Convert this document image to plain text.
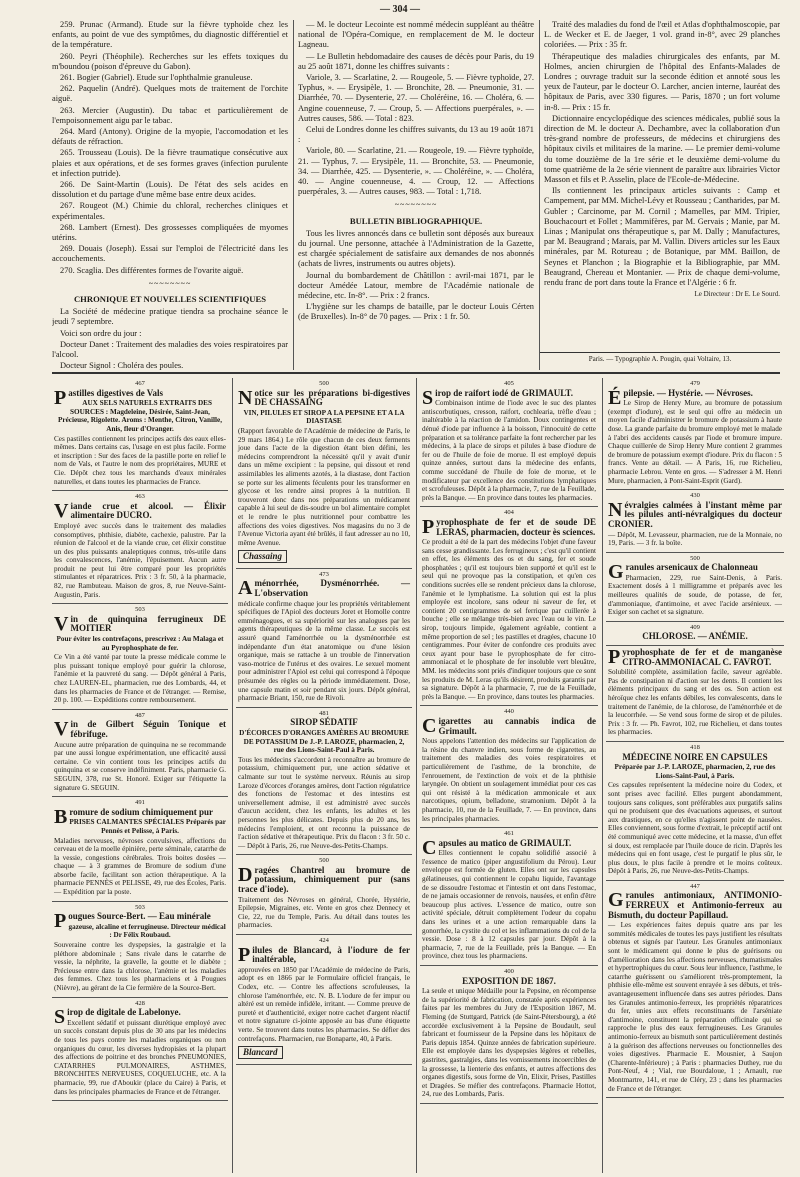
— 304 —

259. Prunac (Armand). Etude sur la fièvre typhoïde chez les enfants, au point de vue des symptômes, du diagnostic différentiel et de la température.

260. Peyri (Théophile). Recherches sur les effets toxiques du m'boundou (poison d'épreuve du Gabon).

261. Bogier (Gabriel). Etude sur l'ophthalmie granuleuse.

262. Paquelin (André). Quelques mots de traitement de l'orchite aiguë.

263. Mercier (Augustin). Du tabac et particulièrement de l'empoisonnement aigu par le tabac.

264. Mard (Antony). Origine de la myopie, l'accomodation et les défauts de réfraction.

265. Trousseau (Louis). De la fièvre traumatique consécutive aux plaies et aux opérations, et de ses formes graves (infection purulente et infection putride).

266. De Saint-Martin (Louis). De l'état des sels acides en dissolution et du partage d'une même base entre deux acides.

267. Rougeot (M.) Chimie du chloral, recherches cliniques et expérimentales.

268. Lambert (Ernest). Des grossesses compliquées de myomes utérins.

269. Douais (Joseph). Essai sur l'emploi de l'électricité dans les accouchements.

270. Scaglia. Des différentes formes de l'ovarite aiguë.

~~~~~~~~

CHRONIQUE ET NOUVELLES SCIENTIFIQUES

La Société de médecine pratique tiendra sa prochaine séance le jeudi 7 septembre.

Voici son ordre du jour :

Docteur Danet : Traitement des maladies des voies respiratoires par l'alcool.

Docteur Signol : Choléra des poules.

— M. le docteur Lecointe est nommé médecin suppléant au théâtre national de l'Opéra-Comique, en remplacement de M. le docteur Lagneau.

— Le Bulletin hebdomadaire des causes de décès pour Paris, du 19 au 25 août 1871, donne les chiffres suivants :

Variole, 3. — Scarlatine, 2. — Rougeole, 5. — Fièvre typhoïde, 27. Typhus, ». — Erysipèle, 1. — Bronchite, 28. — Pneumonie, 31. — Diarrhée, 70. — Dysenterie, 27. — Choléréine, 16. — Choléra, 6. — Angine couenneuse, 7. — Croup, 5. — Affections puerpérales, ». — Autres causes, 586. — Total : 823.

Celui de Londres donne les chiffres suivants, du 13 au 19 août 1871 :

Variole, 80. — Scarlatine, 21. — Rougeole, 19. — Fièvre typhoïde, 21. — Typhus, 7. — Erysipèle, 11. — Bronchite, 53. — Pneumonie, 34. — Diarrhée, 425. — Dysenterie, ». — Choléréine, ». — Choléra, 40. — Angine couenneuse, 4. — Croup, 12. — Affections puerpérales, 3. — Autres causes, 983. — Total : 1,718.

~~~~~~~~

BULLETIN BIBLIOGRAPHIQUE.

Tous les livres annoncés dans ce bulletin sont déposés aux bureaux du journal. Une personne, attachée à l'Administration de la Gazette, est chargée spécialement de satisfaire aux demandes de nos abonnés (achats de livres, instruments ou autres objets).

Journal du bombardement de Châtillon : avril-mai 1871, par le docteur Amédée Latour, membre de l'Académie nationale de médecine, etc. In-8°. — Prix : 2 francs.

L'hygiène sur les champs de bataille, par le docteur Louis Cérten (de Bruxelles). In-8° de 70 pages. — Prix : 1 fr. 50.

Traité des maladies du fond de l'œil et Atlas d'ophthalmoscopie, par L. de Wecker et E. de Jaeger, 1 vol. grand in-8°, avec 29 planches coloriées. — Prix : 35 fr.

Thérapeutique des maladies chirurgicales des enfants, par M. Holmes, ancien chirurgien de l'hôpital des Enfants-Malades de Londres ; ouvrage traduit sur la seconde édition et annoté sous les yeux de l'auteur, par le docteur O. Larcher, ancien interne, lauréat des hôpitaux de Paris, avec 330 figures. — Paris, 1870 ; un fort volume in-8. — Prix : 15 fr.

Dictionnaire encyclopédique des sciences médicales, publié sous la direction de M. le docteur A. Dechambre, avec la collaboration d'un très-grand nombre de professeurs, de médecins et chirurgiens des hôpitaux civils et militaires de la marine. — Le premier demi-volume du tome douzième de la 1re série et le deuxième demi-volume du tome quatrième de la 2e série viennent de paraître aux librairies Victor Masson et fils et P. Asselin, place de l'Ecole-de-Médecine.

Ils contiennent les principaux articles suivants : Camp et Campement, par MM. Michel-Lévy et Rousseau ; Cantharides, par M. Gubler ; Carcinome, par M. Cornil ; Mamelles, par MM. Tripier, Bouchacourt et Follet ; Mammifères, par M. Gervais ; Manie, par M. Linas ; Manipulat ons thérapeutique s, par M. Dally ; Manufactures, par M. Beaugrand ; Marais, par M. Vallin. Divers articles sur les Eaux minérales, par M. Rotureau ; de Botanique, par MM. Baillon, de Seynes et Planchon ; la Biographie et la Bibliographie, par MM. Beaugrand, Chereau et Montanier. — Prix de chaque demi-volume, rendu franc de port dans toute la France et l'Algérie : 6 fr.

Le Directeur : Dr E. Le Sourd.
Paris. — Typographie A. Pougin, quai Voltaire, 13.
467
Pastilles digestives de Vals

AUX SELS NATURELS EXTRAITS DES SOURCES : Magdeleine, Désirée, Saint-Jean, Précieuse, Rigolette. Aroms : Menthe, Citron, Vanille, Anis, fleur d'Oranger.

Ces pastilles contiennent les principes actifs des eaux elles-mêmes. Dans certains cas, l'usage en est plus facile. Forme et inscription : Sur des faces de la pastille porte en relief le nom de Vals, et l'autre le nom des propriétaires, MURE et Cie. Dépôt chez tous les marchands d'eaux minérales naturelles, et dans toutes les pharmacies de France.

463
Viande crue et alcool. — Élixir alimentaire DUCRO.

Employé avec succès dans le traitement des maladies consomptives, phthisie, diabète, cachexie, palustre. Par la réunion de l'alcool et de la viande crue, cet élixir constitue un des plus puissants analeptiques connus, très-utile dans les convalescences, l'anémie, l'épuisement. Aucun autre produit ne peut lui être comparé pour les propriétés stimulantes et réparatrices. Prix : 3 fr. 50, à la pharmacie, 82, rue Rambuteau. Maison de gros, 8, rue Neuve-Saint-Augustin, Paris.

503
Vin de quinquina ferrugineux DE MOITIER

Pour éviter les contrefaçons, prescrivez : Au Malaga et au Pyrophosphate de fer.

Ce Vin a été vanté par toute la presse médicale comme le plus puissant tonique employé pour guérir la chlorose, l'anémie et la pauvreté du sang. — Dépôt général à Paris, chez LAUREN-EL, pharmacien, rue des Lombards, 44, et dans les pharmacies de France et de l'étranger. — Remise, 20 p. 100. — Expéditions contre remboursement.

487
Vin de Gilbert Séguin Tonique et fébrifuge.

Aucune autre préparation de quinquina ne se recommande par une aussi longue expérimentation, une efficacité aussi certaine. Ce vin contient tous les principes actifs du quinquina et se conserve indéfiniment. Paris, pharmacie G. SEGUIN, 378, rue St. Honoré. Exiger sur l'étiquette la signature G. SEGUIN.

491
Bromure de sodium chimiquement pur

PRISES CALMANTES SPÉCIALES Préparés par Pennès et Pelisse, à Paris.

Maladies nerveuses, névroses convulsives, affections du cerveau et de la moelle épinière, perte séminale, catarrhe de la vessie, congestions cérébrales. Trois boites dosées — chaque — à 3 grammes de Bromure de sodium d'une absorbe facile, facilitant son action thérapeutique. A la pharmacie PENNÈS et PELISSE, 49, rue des Écoles, Paris. — Expédition par la poste.

503
Pougues Source-Bert. — Eau minérale

gazeuse, alcaline et ferrugineuse. Directeur médical : Dr Félix Roubaud.

Souveraine contre les dyspepsies, la gastralgie et la pléthore abdominale ; Sans rivale dans le catarrhe de vessie, la néphrite, la gravelle, la goutte et le diabète ; Précieuse entre dans la chlorose, l'anémie et les maladies des femmes. Chez tous les pharmaciens et à Pougues (Nièvre), au gérant de la Cie fermière de la Source-Bert.

428
Sirop de digitale de Labelonye.

Excellent sédatif et puissant diurétique employé avec un succès constant depuis plus de 30 ans par les médecins de tous les pays contre les maladies organiques ou non organiques du cœur, les diverses hydropisies et la plupart des affections de poitrine et des bronches PNEUMONIES, CATARRHES PULMONAIRES, ASTHMES, BRONCHITES NERVEUSES, COQUELUCHE, etc. A la pharmacie, 99, rue d'Aboukir (place du Caire) à Paris, et dans les principales pharmacies de France et de l'étranger.

500
Notice sur les préparations bi-digestives DE CHASSAING

VIN, PILULES ET SIROP A LA PEPSINE ET A LA DIASTASE

(Rapport favorable de l'Académie de médecine de Paris, le 29 mars 1864.) Le rôle que chacun de ces deux ferments joue dans l'acte de la digestion étant bien défini, les médecins comprendront la nécessité qu'il y avait d'unir dans un même excipient : la pepsine, qui dissout et rend assimilables les aliments azotés, à la diastase, dont l'action se porte sur les aliments féculents pour les transformer en glycose et les rendre ainsi propres à la nutrition. Il trouveront donc dans nos préparations un médicament capable à lui seul de dis-soudre un bol alimentaire complet et le rendre le plus nutritionnel pour combattre les affections des voies digestives. Nos magasins du no 3 de l'Avenue Victoria ayant été brûlés, il faut adresser au no 10, même Avenue.

Chassaing
473
Aménorrhée, Dysménorrhée. — L'observation

médicale confirme chaque jour les propriétés véritablement spécifiques de l'Apiol des docteurs Joret et Homolle contre emménagogues, et sa supériorité sur les analogues par les agents thérapeutiques de la même classe. Le succès est assuré quand l'aménorrhée ou la dysménorrhée est indépendante d'un état anatomique ou d'une lésion organique, mais se rattache à un trouble de l'innervation vaso-motrice de l'utérus et des ovaires. Le sexuel moment pour administrer l'Apiol est celui qui correspond à l'époque présumée des règles ou la période immédiatement. Dose, une capsule matin et soir pendant six jours. Dépôt général, pharmacie Briant, 150, rue de Rivoli.

481
SIROP SÉDATIF

D'ÉCORCES D'ORANGES AMÈRES AU BROMURE DE POTASSIUM De J.-P. LAROZE, pharmacien, 2, rue des Lions-Saint-Paul à Paris.

Tous les médecins s'accordent à reconnaître au bromure de potassium, chimiquement pur, une action sédative et calmante sur tout le système nerveux. Réunis au sirop Laroze d'écorces d'oranges amères, dont l'action régulatrice des fonctions de l'estomac et des intestins est universellement admise, il est administré avec succès d'aucun accident, chez les enfants, les adultes et les personnes les plus délicates. Depuis plus de 20 ans, les médecins l'emploient, et ont reconnu la puissance de l'action sédative et thérapeutique. Prix du flacon : 3 fr. 50 c. — Dépôt à Paris, 26, rue Neuve-des-Petits-Champs.

500
Dragées Chantrel au bromure de potassium, chimiquement pur (sans trace d'iode).

Traitement des Névroses en général, Chorée, Hystérie, Epilepsie, Migraines, etc. Vente en gros chez Dennecy et Cie, 22, rue du Temple, Paris. Au détail dans toutes les pharmacies.

424
Pilules de Blancard, à l'iodure de fer inaltérable,

approuvées en 1850 par l'Académie de médecine de Paris, adopt es en 1866 par le Formulaire officiel français, le Codex, etc. — Contre les affections scrofuleuses, la chlorose l'aménorrhée, etc. N. B. L'iodure de fer impur ou altéré est un remède infidèle, irritant. — Comme preuve de pureté et d'authenticité, exiger notre cachet d'argent réactif et notre signature ci-jointe apposée au bas d'une étiquette verte. Se trouvent dans toutes les pharmacies. Se défier des contrefaçons. Pharmacien, rue Bonaparte, 40, à Paris.

Blancard
405
Sirop de raifort iodé de GRIMAULT.

Combinaison intime de l'iode avec le suc des plantes antiscorbutiques, cresson, raifort, cochlearia, trèfle d'eau ; inaltérable à la réaction de l'amidon. Doux contingentes et dénué d'iode par influence à la boisson, l'innocuité de cette préparation et sa tolérance parfaite la font rechercher par les médecins, à la place de sirops et pilules à base d'iodure de fer ou de l'huile de foie de morue. Il est employé depuis quinze années, surtout dans la médecine des enfants, comme succédané de l'huile de foie de morue, et le modificateur par excellence des constitutions lymphatiques et scrofuleuses. Dépôt à la pharmacie, 7, rue de la Feuillade, près la Banque. — En province dans toutes les pharmacies.

404
Pyrophosphate de fer et de soude DE LERAS, pharmacien, docteur ès sciences.

Ce produit a été de la part des médecins l'objet d'une faveur sans cesse grandissante. Les ferrugineux ; c'est qu'il contient en effet, les éléments des os et du sang, fer et soude phosphatées ; qu'il est toujours bien supporté et qu'il est le seul qui ne provoque pas la constipation, et qu'en ces conditions sucrées elle se rendent précieux dans la chlorose, l'anémie et le lymphatisme. La solution qui est la plus employée est incolore, sans odeur ni saveur de fer, et contient 20 centigrammes de sel ferrique par cuillerée à bouche ; elle se mélange très-bien avec l'eau ou le vin. Le sirop, toujours limpide, également agréable, contient a même proportion de sel ; les pastilles et dragées, chacune 10 centigrammes. Pour éviter de confondre ces produits avec ceux ayant pour base le pyrophosphate de fer citro-ammoniacal et le phosphate de fer insoluble vert bleuâtre, MM. les médecins sont priés d'indiquer toujours que ce sont les produits de M. Leras qu'ils désirent, produits garantis par sa signature. Dépôt à la pharmacie, 7, rue de la Feuillade, près la Banque. — En province, dans toutes les pharmacies.

440
Cigarettes au cannabis indica de Grimault.

Nous appelons l'attention des médecins sur l'application de la résine du chanvre indien, sous forme de cigarettes, au traitement des maladies des voies respiratoires et particulièrement de l'asthme, de la bronchite, de l'enrouement, de l'extinction de voix et de la phthisie laryngée. On obtient un soulagement immédiat pour ces cas qui ont résisté à la médication ammonicale et aux narcotiques, opium, belladone, stramonium. Dépôt à la pharmacie, 10, rue de la Feuillade, 7. — En province, dans les principales pharmacies.

461
Capsules au matico de GRIMAULT.

Elles contiennent le copahu solidifié associé à l'essence de matico (piper angustifolium du Pérou). Leur enveloppe est formée de gluten. Elles ont sur les capsules gélatineuses, qui contiennent le copahu liquide, l'avantage de se dissoudre l'estomac et l'intestin et ont dans l'estomac, de ne jamais occasionner de renvois, nausées, et enfin d'être beaucoup plus actives. L'essence de matico, outre son activité spéciale, détruit complètement l'odeur du copahu dans les urines et a une action remarquable dans la gonorrhée, la cystite du col et les inflammations du col de la vessie. Dose : 8 à 12 capsules par jour. Dépôt à la pharmacie, 7, rue de la Feuillade, près la Banque. — En province, chez tous les pharmaciens.

400
EXPOSITION DE 1867.

La seule et unique Médaille pour la Pepsine, en récompense de la supériorité de fabrication, constatée après expériences faites par les membres du Jury de l'Exposition 1867, M. Fleming (de Stuttgard, Patrick (de Saint-Pétersbourg), a été accordée exclusivement à la Pepsine de Boudault, seul fabricant et fournisseur de la Pepsine dans les hôpitaux de Paris depuis 1854. Quinze années de fabrication supérieure. Elle est employée dans les dyspepsies légères et rebelles, gastrites, gastralgies, dans les vomissements incoercibles de la grossesse, la lienterie des enfants, et autres affections des organes digestifs, sous forme de Vin, Elixir, Prises, Pastilles et Dragées. Se méfier des contrefaçons. Pharmacie Hottot, 24, rue des Lombards, Paris.

479
Épilepsie. — Hystérie. — Névroses.

Le Sirop de Henry Mure, au bromure de potassium (exempt d'iodure), est le seul qui offre au médecin un moyen facile d'administrer le bromure de potassium à haute dose. La grande parfaite du bromure employé met le malade à l'abri des accidents causés par l'iode et bromure impure. Chaque cuillerée de Sirop Henry Mure contient 2 grammes de bromure de potassium exempt d'iodure. Prix du flacon : 5 francs. Vente au détail. — A Paris, 16, rue Richelieu, pharmacie Lebrou. Vente en gros. — S'adresser à M. Henri Mure, pharmacien, à Pont-Saint-Esprit (Gard).

430
Névralgies calmées à l'instant même par les pilules anti-névralgiques du docteur CRONIER.

— Dépôt, M. Levasseur, pharmacien, rue de la Monnaie, no 19, Paris. — 3 fr. la boîte.

500
Granules arsenicaux de Chalonneau

Pharmacien, 229, rue Saint-Denis, à Paris. Exactement dosés à 1 milligramme et préparés avec les meilleures qualités de soude, de potasse, de fer, d'ammoniaque, d'antimoine, et avec l'acide arsénieux. — Exiger son cachet et sa signature.

409
CHLOROSE. — ANÉMIE.
Pyrophosphate de fer et de manganèse CITRO-AMMONIACAL C. FAVROT.

Solubilité complète, assimilation facile, saveur agréable. Pas de constipation ni d'action sur les dents. Il contient les éléments principaux du sang et des os. Son action est héroïque chez les enfants débiles, les convalescents, dans le traitement de l'anémie, de la chlorose, de l'aménorrhée et de la leucorrhée. — Se vend sous forme de sirop et de pilules. Prix : 3 fr. — Ph. Favrot, 102, rue Richelieu, et dans toutes les pharmacies.

418
MÉDECINE NOIRE EN CAPSULES

Préparée par J.-P. LAROZE, pharmacien, 2, rue des Lions-Saint-Paul, à Paris.

Ces capsules représentent la médecine noire du Codex, et sont prises avec facilité. Elles purgent abondamment, toujours sans coliques, sont préférables aux purgatifs salins qui ne produisent que des évacuations aqueuses, et surtout aux drastiques, en ce qu'elles n'agissent point de nausées. Elles conviennent, sous forme d'extrait, le préceptif actif ont été communiqué avec cette médecine, et la masse, d'un effet si doux, est remplacée par l'huile douce de ricin. D'après les médecins qui en font usage, c'est le purgatif le plus sûr, le plus doux, le plus facile à prendre et le moins coûteux. Dépôt à Paris, 26, rue Neuve-des-Petits-Champs.

447
Granules antimoniaux, ANTIMONIO-FERREUX et Antimonio-ferreux au Bismuth, du docteur Papillaud.

— Les expériences faites depuis quatre ans par les sommités médicales de toutes les pays justifient les résultats obtenus et signés par l'auteur. Les Granules antimoniaux sont le médicament qui donne le plus de guérisons ou d'amélioration dans les affections nerveuses, rhumatismales et hypertrophiques du cœur. Sous leur influence, l'asthme, le catarrhe guérissent ou s'améliorent très-promptement, la phthisie elle-même est souvent enrayée à ses débuts, et très-avantageusement influencée dans ses autres périodes. Dans les Granules antimonio-ferreux, les propriétés réparatrices du fer, unies aux effets reconstituants de l'arséniate d'antimoine, constituent la préparation officinale qui se rapproche le plus des eaux ferrugineuses. Les Granules antimonio-ferreux au bismuth sont particulièrement destinés à la guérison des affections nerveuses ou fonctionnelles des voies digestives. Pharmacie E. Mousnier, à Saujon (Charente-Inférieure) ; à Paris : pharmacies Duthey, rue du Pont-Neuf, 4 ; Vial, rue Bourdaloue, 1 ; Arnault, rue Montmartre, 141, et rue de Cléry, 23 ; dans les pharmacies de France et de l'étranger.
